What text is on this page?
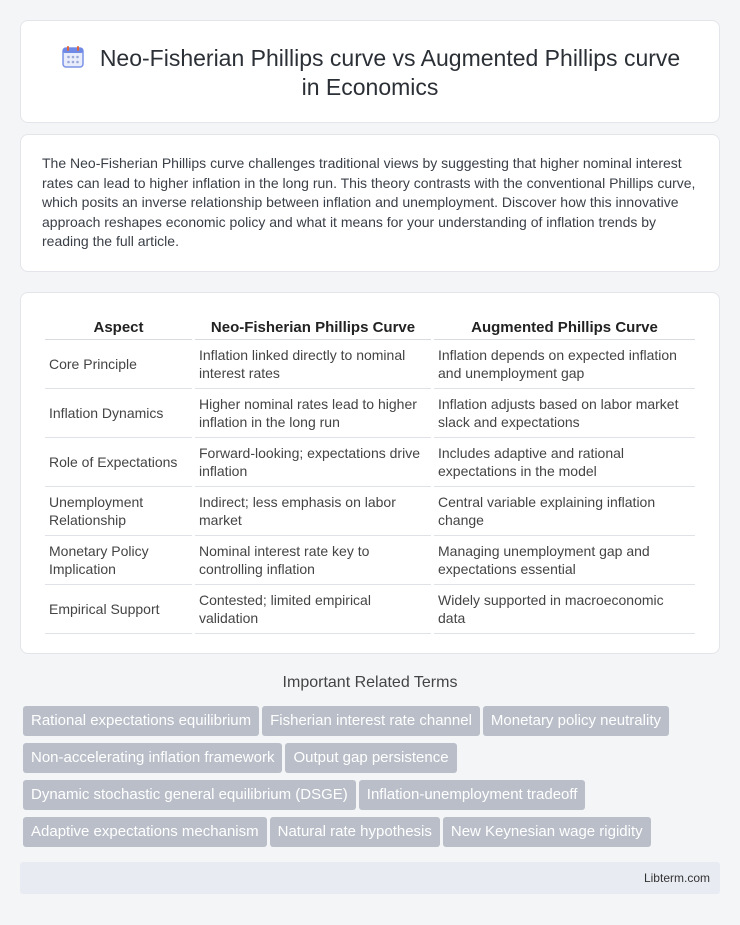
Neo-Fisherian Phillips curve vs Augmented Phillips curve in Economics

The Neo-Fisherian Phillips curve challenges traditional views by suggesting that higher nominal interest rates can lead to higher inflation in the long run. This theory contrasts with the conventional Phillips curve, which posits an inverse relationship between inflation and unemployment. Discover how this innovative approach reshapes economic policy and what it means for your understanding of inflation trends by reading the full article.

Aspect	Neo-Fisherian Phillips Curve	Augmented Phillips Curve
Core Principle	Inflation linked directly to nominal interest rates	Inflation depends on expected inflation and unemployment gap
Inflation Dynamics	Higher nominal rates lead to higher inflation in the long run	Inflation adjusts based on labor market slack and expectations
Role of Expectations	Forward-looking; expectations drive inflation	Includes adaptive and rational expectations in the model
Unemployment Relationship	Indirect; less emphasis on labor market	Central variable explaining inflation change
Monetary Policy Implication	Nominal interest rate key to controlling inflation	Managing unemployment gap and expectations essential
Empirical Support	Contested; limited empirical validation	Widely supported in macroeconomic data
Important Related Terms
Rational expectations equilibrium Fisherian interest rate channel Monetary policy neutralityNon-accelerating inflation framework Output gap persistenceDynamic stochastic general equilibrium (DSGE) Inflation-unemployment tradeoffAdaptive expectations mechanism Natural rate hypothesis New Keynesian wage rigidity
Libterm.com
